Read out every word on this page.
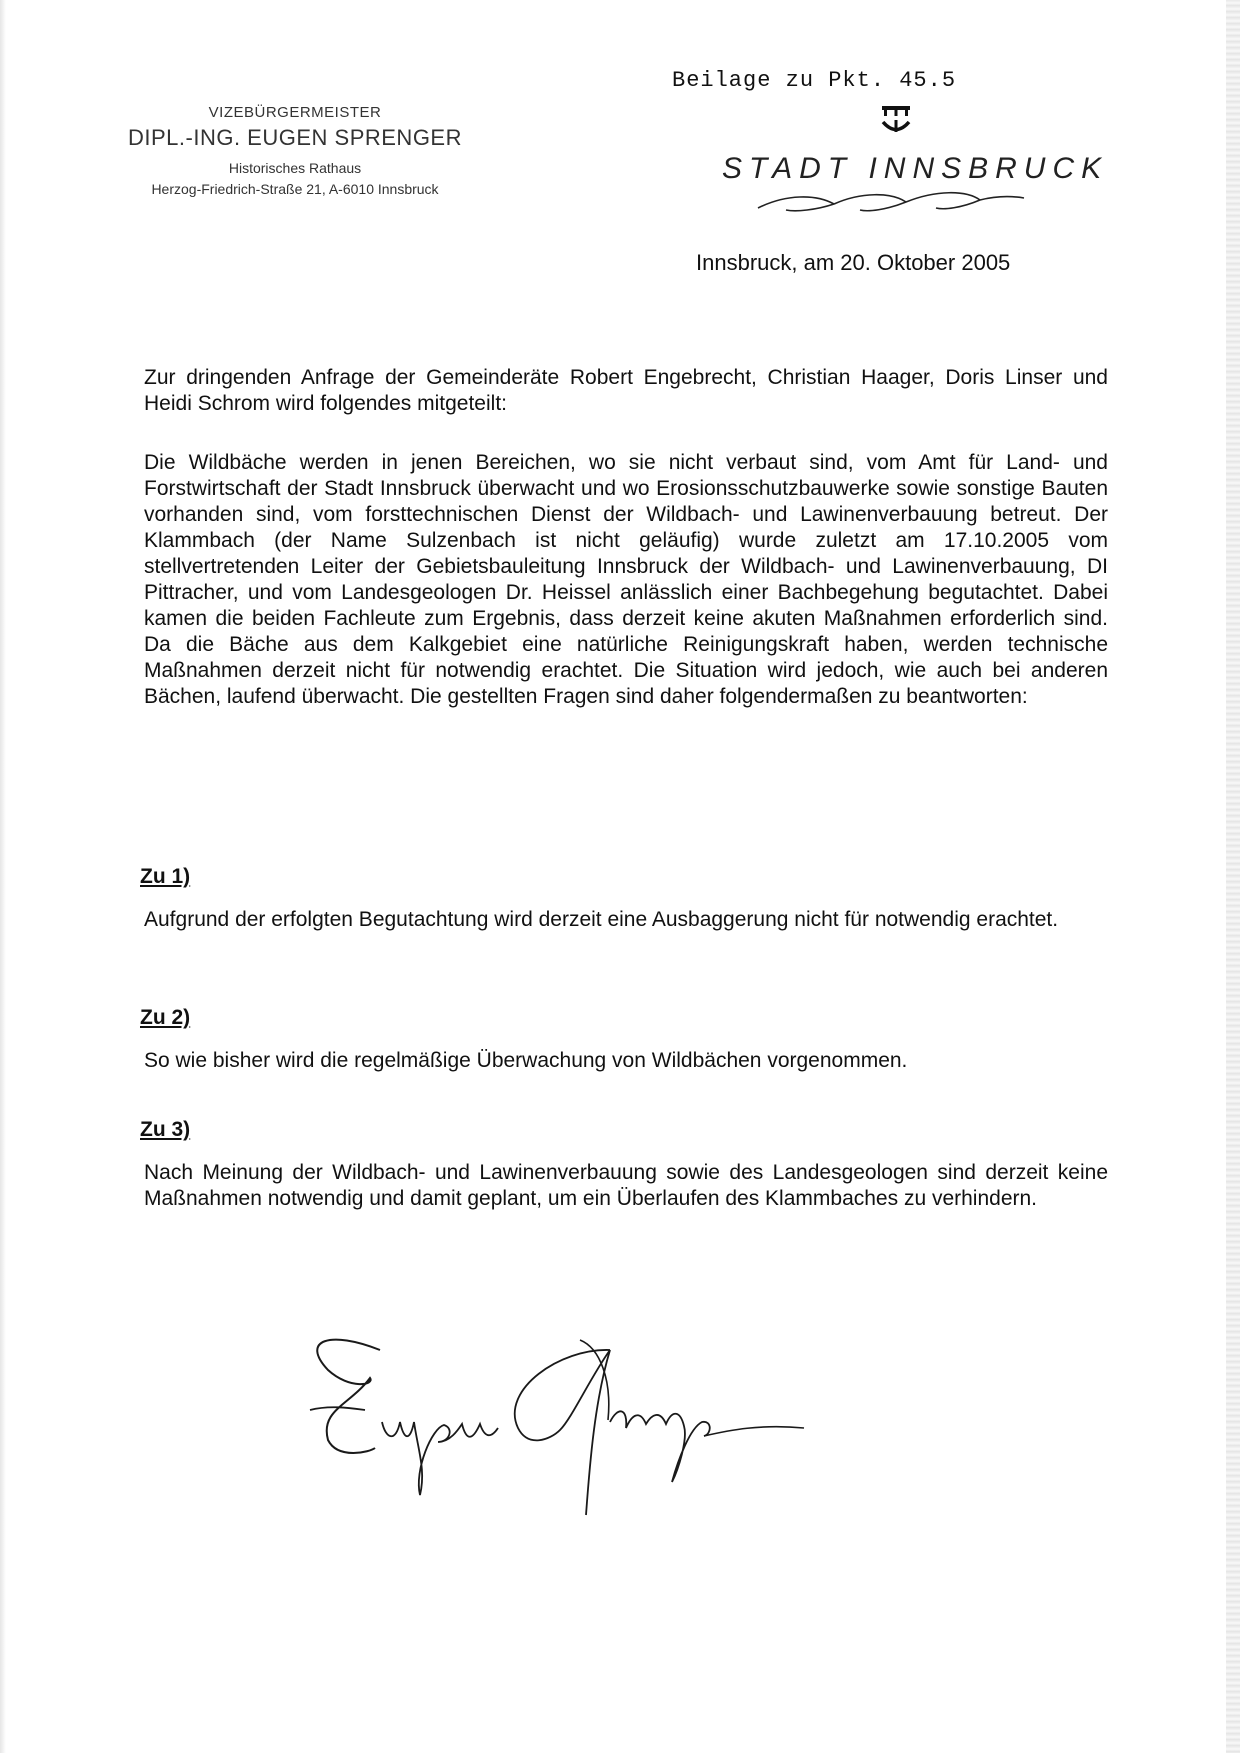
VIZEBÜRGERMEISTER
DIPL.-ING. EUGEN SPRENGER
Historisches Rathaus
Herzog-Friedrich-Straße 21, A-6010 Innsbruck
Beilage zu Pkt. 45.5
STADT INNSBRUCK
Innsbruck, am 20. Oktober 2005
Zur dringenden Anfrage der Gemeinderäte Robert Engebrecht, Christian Haager, Doris Linser und Heidi Schrom wird folgendes mitgeteilt:
Die Wildbäche werden in jenen Bereichen, wo sie nicht verbaut sind, vom Amt für Land- und Forstwirtschaft der Stadt Innsbruck überwacht und wo Erosionsschutzbauwerke sowie sonstige Bauten vorhanden sind, vom forsttechnischen Dienst der Wildbach- und Lawinenverbauung betreut. Der Klammbach (der Name Sulzenbach ist nicht geläufig) wurde zuletzt am 17.10.2005 vom stellvertretenden Leiter der Gebietsbauleitung Innsbruck der Wildbach- und Lawinenverbauung, DI Pittracher, und vom Landesgeologen Dr. Heissel anlässlich einer Bachbegehung begutachtet. Dabei kamen die beiden Fachleute zum Ergebnis, dass derzeit keine akuten Maßnahmen erforderlich sind. Da die Bäche aus dem Kalkgebiet eine natürliche Reinigungskraft haben, werden technische Maßnahmen derzeit nicht für notwendig erachtet. Die Situation wird jedoch, wie auch bei anderen Bächen, laufend überwacht. Die gestellten Fragen sind daher folgendermaßen zu beantworten:
Zu 1)
Aufgrund der erfolgten Begutachtung wird derzeit eine Ausbaggerung nicht für notwendig erachtet.
Zu 2)
So wie bisher wird die regelmäßige Überwachung von Wildbächen vorgenommen.
Zu 3)
Nach Meinung der Wildbach- und Lawinenverbauung sowie des Landesgeologen sind derzeit keine Maßnahmen notwendig und damit geplant, um ein Überlaufen des Klammbaches zu verhindern.
